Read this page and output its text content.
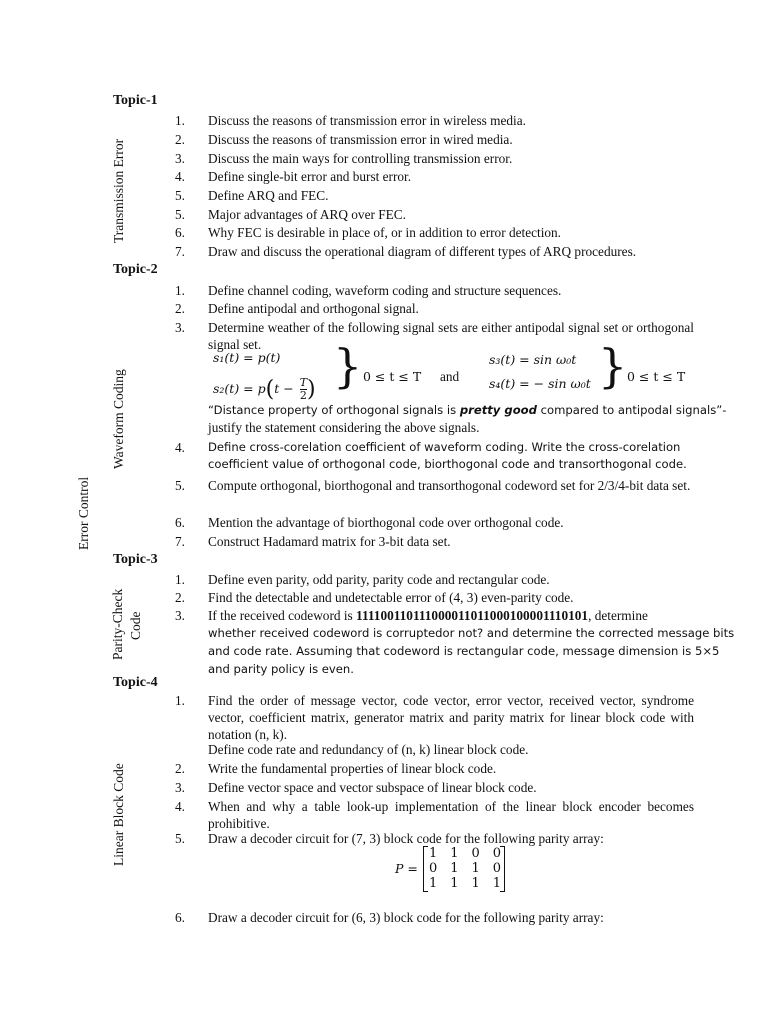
Error Control
Transmission Error
Waveform Coding
Parity-Check Code
Linear Block Code
Topic-1
1. Discuss the reasons of transmission error in wireless media.
2. Discuss the reasons of transmission error in wired media.
3. Discuss the main ways for controlling transmission error.
4. Define single-bit error and burst error.
5. Define ARQ and FEC.
5. Major advantages of ARQ over FEC.
6. Why FEC is desirable in place of, or in addition to error detection.
7. Draw and discuss the operational diagram of different types of ARQ procedures.
Topic-2
1. Define channel coding, waveform coding and structure sequences.
2. Define antipodal and orthogonal signal.
3. Determine weather of the following signal sets are either antipodal signal set or orthogonal signal set.
s₁(t) = p(t)
$s_2(t) = p(t - \frac{T}{2}$ ) } 0 ≤ t ≤ T and
s₃(t) = sin ω₀t
s₄(t) = − sin ω₀t } 0 ≤ t ≤ T
“Distance property of orthogonal signals is pretty good compared to antipodal signals”-
justify the statement considering the above signals.
4. Define cross-corelation coefficient of waveform coding. Write the cross-corelation
coefficient value of orthogonal code, biorthogonal code and transorthogonal code.
5. Compute orthogonal, biorthogonal and transorthogonal codeword set for 2/3/4-bit data set.
6. Mention the advantage of biorthogonal code over orthogonal code.
7. Construct Hadamard matrix for 3-bit data set.
Topic-3
1. Define even parity, odd parity, parity code and rectangular code.
2. Find the detectable and undetectable error of (4, 3) even-parity code.
3. If the received codeword is 111100110111000011011000100001110101, determine
whether received codeword is corruptedor not? and determine the corrected message bits
and code rate. Assuming that codeword is rectangular code, message dimension is 5×5
and parity policy is even.
Topic-4
1. Find the order of message vector, code vector, error vector, received vector, syndrome vector, coefficient matrix, generator matrix and parity matrix for linear block code with notation (n, k).
Define code rate and redundancy of (n, k) linear block code.
2. Write the fundamental properties of linear block code.
3. Define vector space and vector subspace of linear block code.
4. When and why a table look-up implementation of the linear block encoder becomes prohibitive.
5. Draw a decoder circuit for (7, 3) block code for the following parity array:
P =
1 1 0 0
0 1 1 0
1 1 1 1
6. Draw a decoder circuit for (6, 3) block code for the following parity array:
